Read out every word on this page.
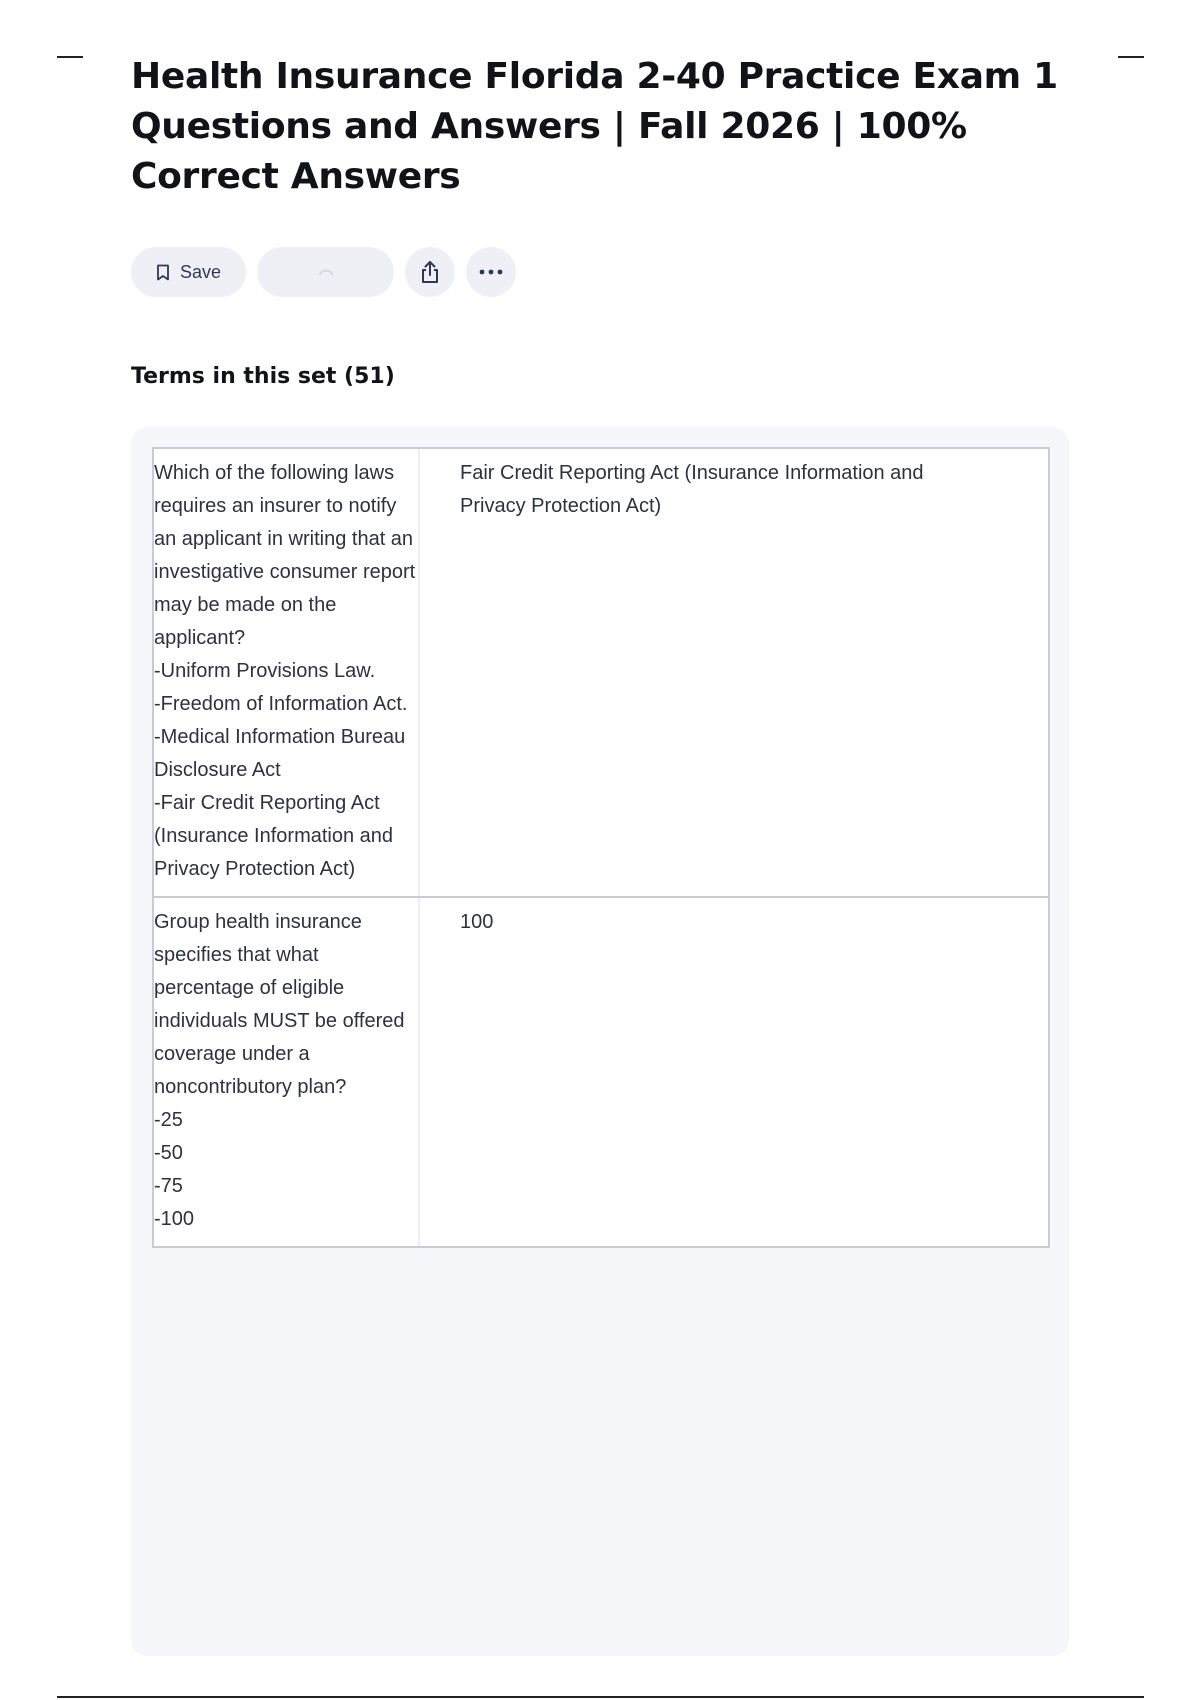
Health Insurance Florida 2-40 Practice Exam 1 Questions and Answers | Fall 2026 | 100% Correct Answers
Save
Terms in this set (51)
Which of the following laws requires an insurer to notify an applicant in writing that an investigative consumer report may be made on the applicant?
-Uniform Provisions Law.
-Freedom of Information Act.
-Medical Information Bureau Disclosure Act
-Fair Credit Reporting Act (Insurance Information and Privacy Protection Act)
Fair Credit Reporting Act (Insurance Information and Privacy Protection Act)
Group health insurance specifies that what percentage of eligible individuals MUST be offered coverage under a noncontributory plan?
-25
-50
-75
-100
100
